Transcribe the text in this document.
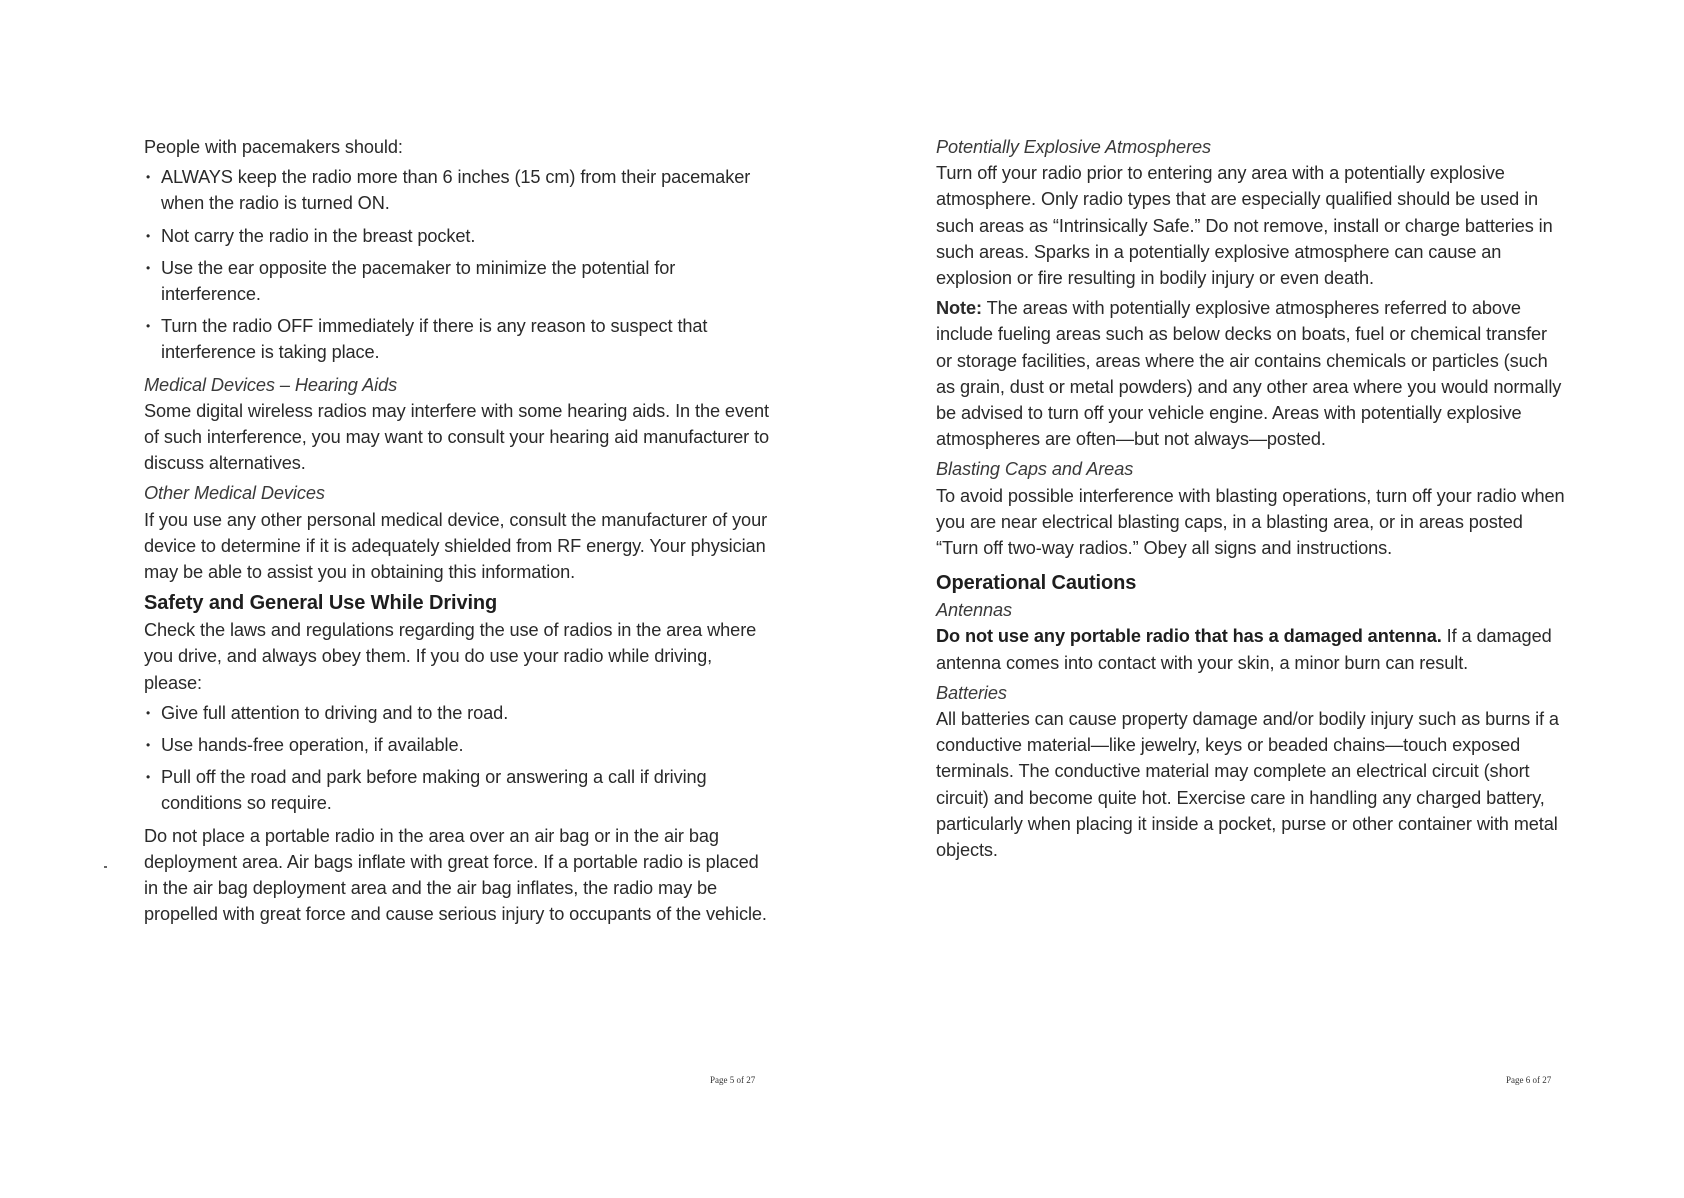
People with pacemakers should:

• ALWAYS keep the radio more than 6 inches (15 cm) from their pacemaker when the radio is turned ON.
• Not carry the radio in the breast pocket.
• Use the ear opposite the pacemaker to minimize the potential for interference.
• Turn the radio OFF immediately if there is any reason to suspect that interference is taking place.

Medical Devices – Hearing Aids

Some digital wireless radios may interfere with some hearing aids. In the event of such interference, you may want to consult your hearing aid manufacturer to discuss alternatives.

Other Medical Devices

If you use any other personal medical device, consult the manufacturer of your device to determine if it is adequately shielded from RF energy. Your physician may be able to assist you in obtaining this information.

Safety and General Use While Driving

Check the laws and regulations regarding the use of radios in the area where you drive, and always obey them. If you do use your radio while driving, please:

• Give full attention to driving and to the road.
• Use hands-free operation, if available.
• Pull off the road and park before making or answering a call if driving conditions so require.

Do not place a portable radio in the area over an air bag or in the air bag deployment area. Air bags inflate with great force. If a portable radio is placed in the air bag deployment area and the air bag inflates, the radio may be propelled with great force and cause serious injury to occupants of the vehicle.

Page 5 of 27

Potentially Explosive Atmospheres

Turn off your radio prior to entering any area with a potentially explosive atmosphere. Only radio types that are especially qualified should be used in such areas as “Intrinsically Safe.” Do not remove, install or charge batteries in such areas. Sparks in a potentially explosive atmosphere can cause an explosion or fire resulting in bodily injury or even death.

Note: The areas with potentially explosive atmospheres referred to above include fueling areas such as below decks on boats, fuel or chemical transfer or storage facilities, areas where the air contains chemicals or particles (such as grain, dust or metal powders) and any other area where you would normally be advised to turn off your vehicle engine. Areas with potentially explosive atmospheres are often—but not always—posted.

Blasting Caps and Areas

To avoid possible interference with blasting operations, turn off your radio when you are near electrical blasting caps, in a blasting area, or in areas posted “Turn off two-way radios.” Obey all signs and instructions.

Operational Cautions

Antennas

Do not use any portable radio that has a damaged antenna. If a damaged antenna comes into contact with your skin, a minor burn can result.

Batteries

All batteries can cause property damage and/or bodily injury such as burns if a conductive material—like jewelry, keys or beaded chains—touch exposed terminals. The conductive material may complete an electrical circuit (short circuit) and become quite hot. Exercise care in handling any charged battery, particularly when placing it inside a pocket, purse or other container with metal objects.

Page 6 of 27
